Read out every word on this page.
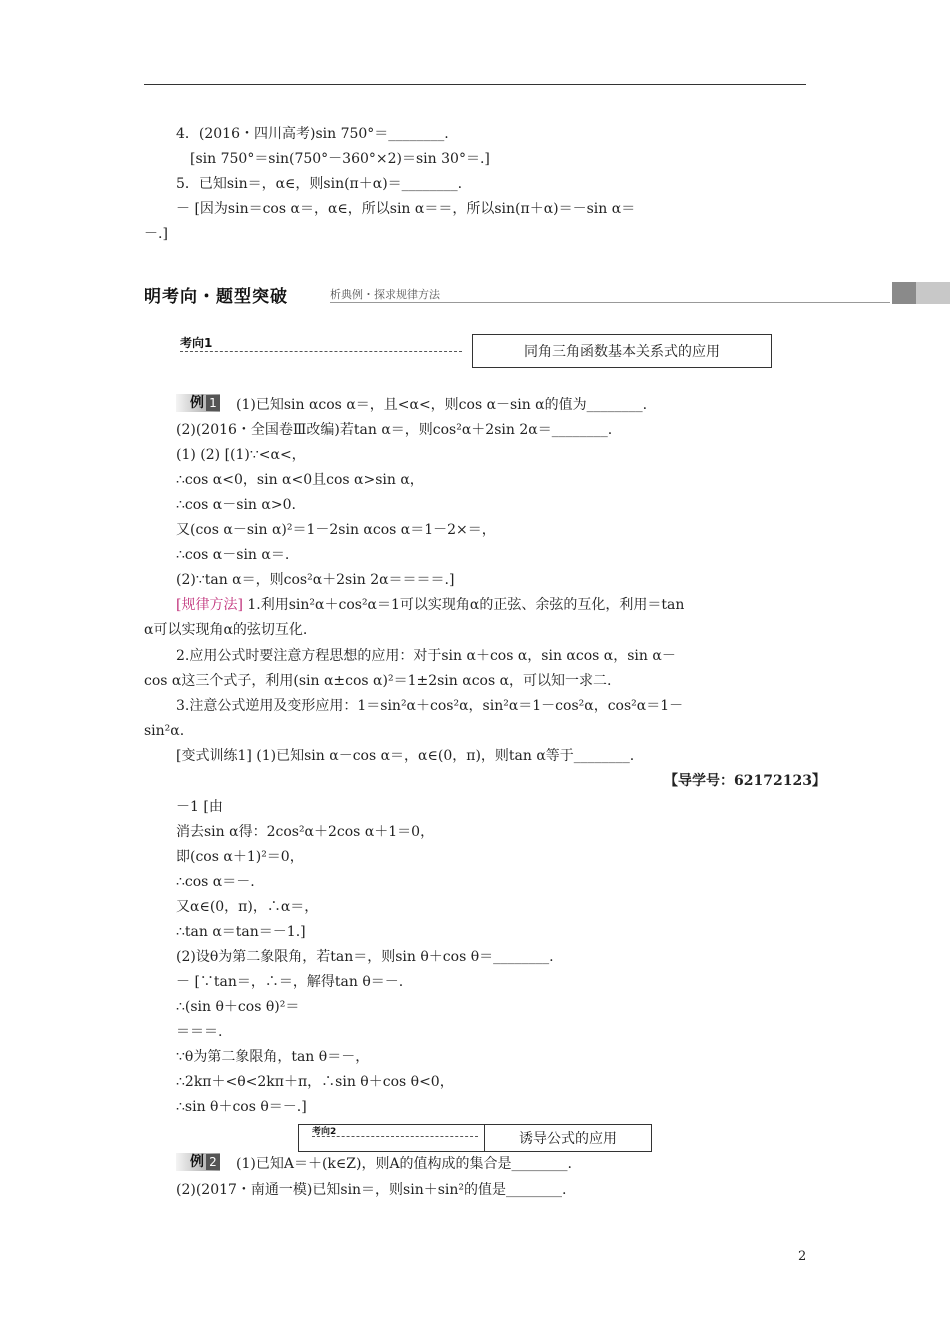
4．(2016・四川高考)sin 750°＝________.
[sin 750°＝sin(750°－360°×2)＝sin 30°＝.]
5．已知sin＝，α∈，则sin(π＋α)＝________.
－ [因为sin＝cos α＝，α∈，所以sin α＝＝，所以sin(π＋α)＝－sin α＝
－.]
明考向・题型突破	析典例・探求规律方法
考向1
同角三角函数基本关系式的应用
例 1 (1)已知sin αcos α＝，且<α<，则cos α－sin α的值为________.
(2)(2016・全国卷Ⅲ改编)若tan α＝，则cos²α＋2sin 2α＝________.
(1) (2) [(1)∵<α<，
∴cos α<0，sin α<0且cos α>sin α，
∴cos α－sin α>0.
又(cos α－sin α)²＝1－2sin αcos α＝1－2×＝，
∴cos α－sin α＝.
(2)∵tan α＝，则cos²α＋2sin 2α＝＝＝＝.]
[规律方法] 1.利用sin²α＋cos²α＝1可以实现角α的正弦、余弦的互化，利用＝tan
α可以实现角α的弦切互化.
2.应用公式时要注意方程思想的应用：对于sin α＋cos α，sin αcos α，sin α－
cos α这三个式子，利用(sin α±cos α)²＝1±2sin αcos α，可以知一求二.
3.注意公式逆用及变形应用：1＝sin²α＋cos²α，sin²α＝1－cos²α，cos²α＝1－
sin²α.
[变式训练1] (1)已知sin α－cos α＝，α∈(0，π)，则tan α等于________.
【导学号：62172123】
－1 [由
消去sin α得：2cos²α＋2cos α＋1＝0，
即(cos α＋1)²＝0，
∴cos α＝－.
又α∈(0，π)，∴α＝，
∴tan α＝tan＝－1.]
(2)设θ为第二象限角，若tan＝，则sin θ＋cos θ＝________.
－ [∵tan＝，∴＝，解得tan θ＝－.
∴(sin θ＋cos θ)²＝
＝＝＝.
∵θ为第二象限角，tan θ＝－，
∴2kπ＋<θ<2kπ＋π，∴sin θ＋cos θ<0，
∴sin θ＋cos θ＝－.]
考向2	诱导公式的应用
例 2 (1)已知A＝＋(k∈Z)，则A的值构成的集合是________.
(2)(2017・南通一模)已知sin＝，则sin＋sin²的值是________.
2
